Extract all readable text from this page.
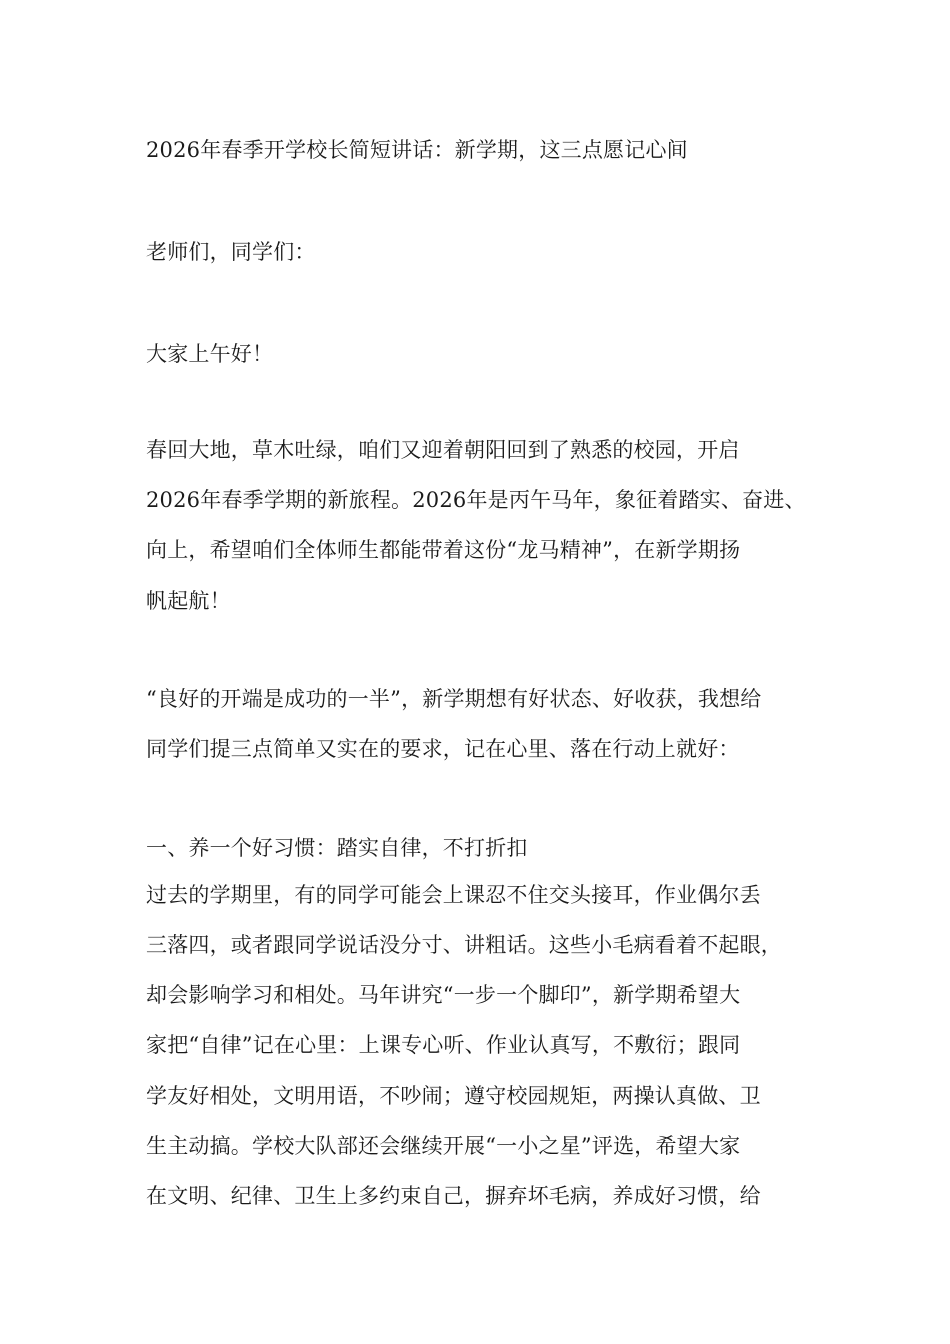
2026年春季开学校长简短讲话：新学期，这三点愿记心间
老师们，同学们：
大家上午好！
春回大地，草木吐绿，咱们又迎着朝阳回到了熟悉的校园，开启
2026年春季学期的新旅程。2026年是丙午马年，象征着踏实、奋进、
向上，希望咱们全体师生都能带着这份“龙马精神”，在新学期扬
帆起航！
“良好的开端是成功的一半”，新学期想有好状态、好收获，我想给
同学们提三点简单又实在的要求，记在心里、落在行动上就好：
一、养一个好习惯：踏实自律，不打折扣
过去的学期里，有的同学可能会上课忍不住交头接耳，作业偶尔丢
三落四，或者跟同学说话没分寸、讲粗话。这些小毛病看着不起眼，
却会影响学习和相处。马年讲究“一步一个脚印”，新学期希望大
家把“自律”记在心里：上课专心听、作业认真写，不敷衍；跟同
学友好相处，文明用语，不吵闹；遵守校园规矩，两操认真做、卫
生主动搞。学校大队部还会继续开展“一小之星”评选，希望大家
在文明、纪律、卫生上多约束自己，摒弃坏毛病，养成好习惯，给
